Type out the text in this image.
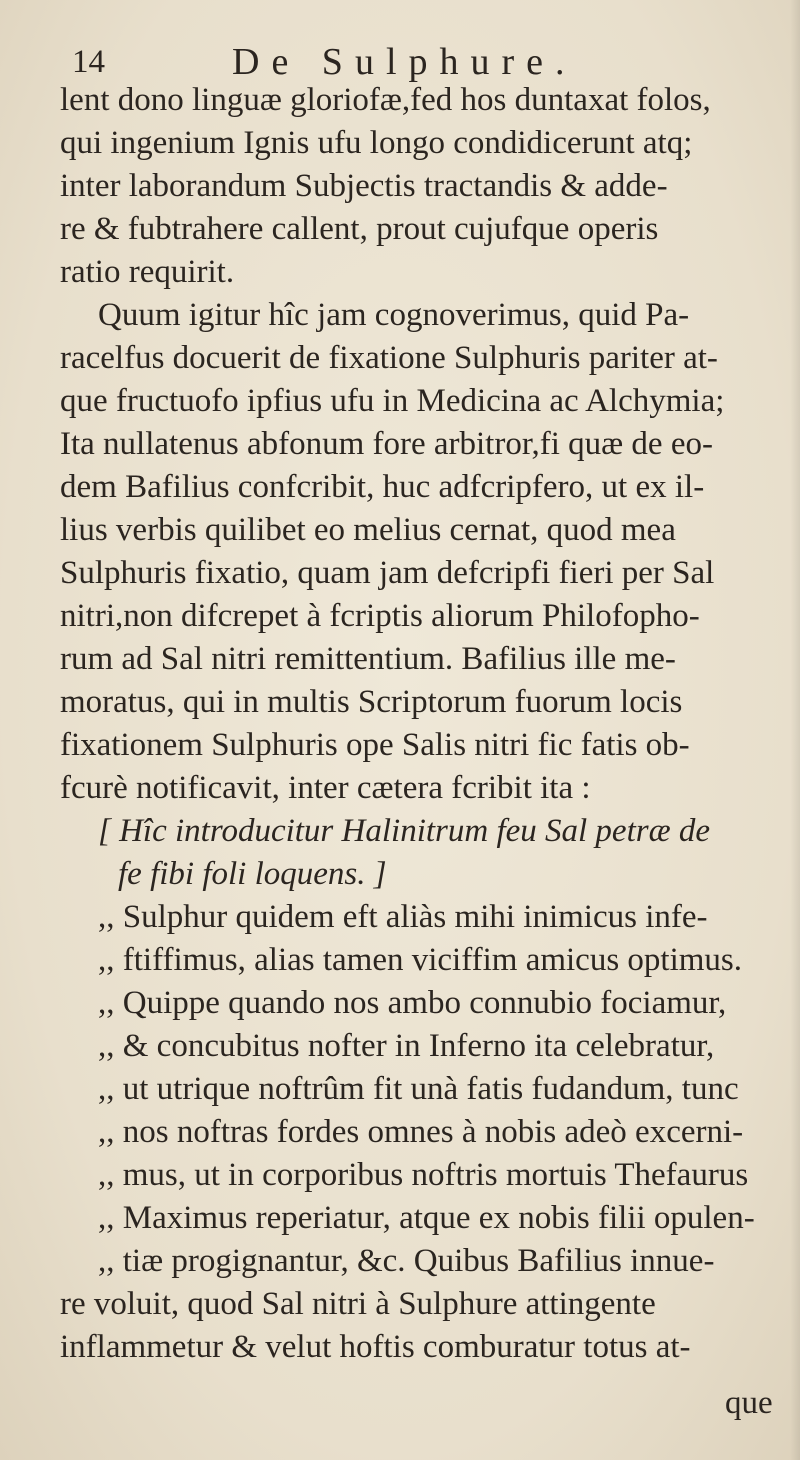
14	De Sulphure.
lent dono linguæ gloriofæ,fed hos duntaxat folos,
qui ingenium Ignis ufu longo condidicerunt atq;
inter laborandum Subjectis tractandis & adde-
re & fubtrahere callent, prout cujufque operis
ratio requirit.
Quum igitur hîc jam cognoverimus, quid Pa-
racelfus docuerit de fixatione Sulphuris pariter at-
que fructuofo ipfius ufu in Medicina ac Alchymia;
Ita nullatenus abfonum fore arbitror,fi quæ de eo-
dem Bafilius confcribit, huc adfcripfero, ut ex il-
lius verbis quilibet eo melius cernat, quod mea
Sulphuris fixatio, quam jam defcripfi fieri per Sal
nitri,non difcrepet à fcriptis aliorum Philofopho-
rum ad Sal nitri remittentium. Bafilius ille me-
moratus, qui in multis Scriptorum fuorum locis
fixationem Sulphuris ope Salis nitri fic fatis ob-
fcurè notificavit, inter cætera fcribit ita :
[ Hîc introducitur Halinitrum feu Sal petræ de
fe fibi foli loquens. ]
,, Sulphur quidem eft aliàs mihi inimicus infe-
,, ftiffimus, alias tamen viciffim amicus optimus.
,, Quippe quando nos ambo connubio fociamur,
,, & concubitus nofter in Inferno ita celebratur,
,, ut utrique noftrûm fit unà fatis fudandum, tunc
,, nos noftras fordes omnes à nobis adeò excerni-
,, mus, ut in corporibus noftris mortuis Thefaurus
,, Maximus reperiatur, atque ex nobis filii opulen-
,, tiæ progignantur, &c. Quibus Bafilius innue-
re voluit, quod Sal nitri à Sulphure attingente
inflammetur & velut hoftis comburatur totus at-
que
